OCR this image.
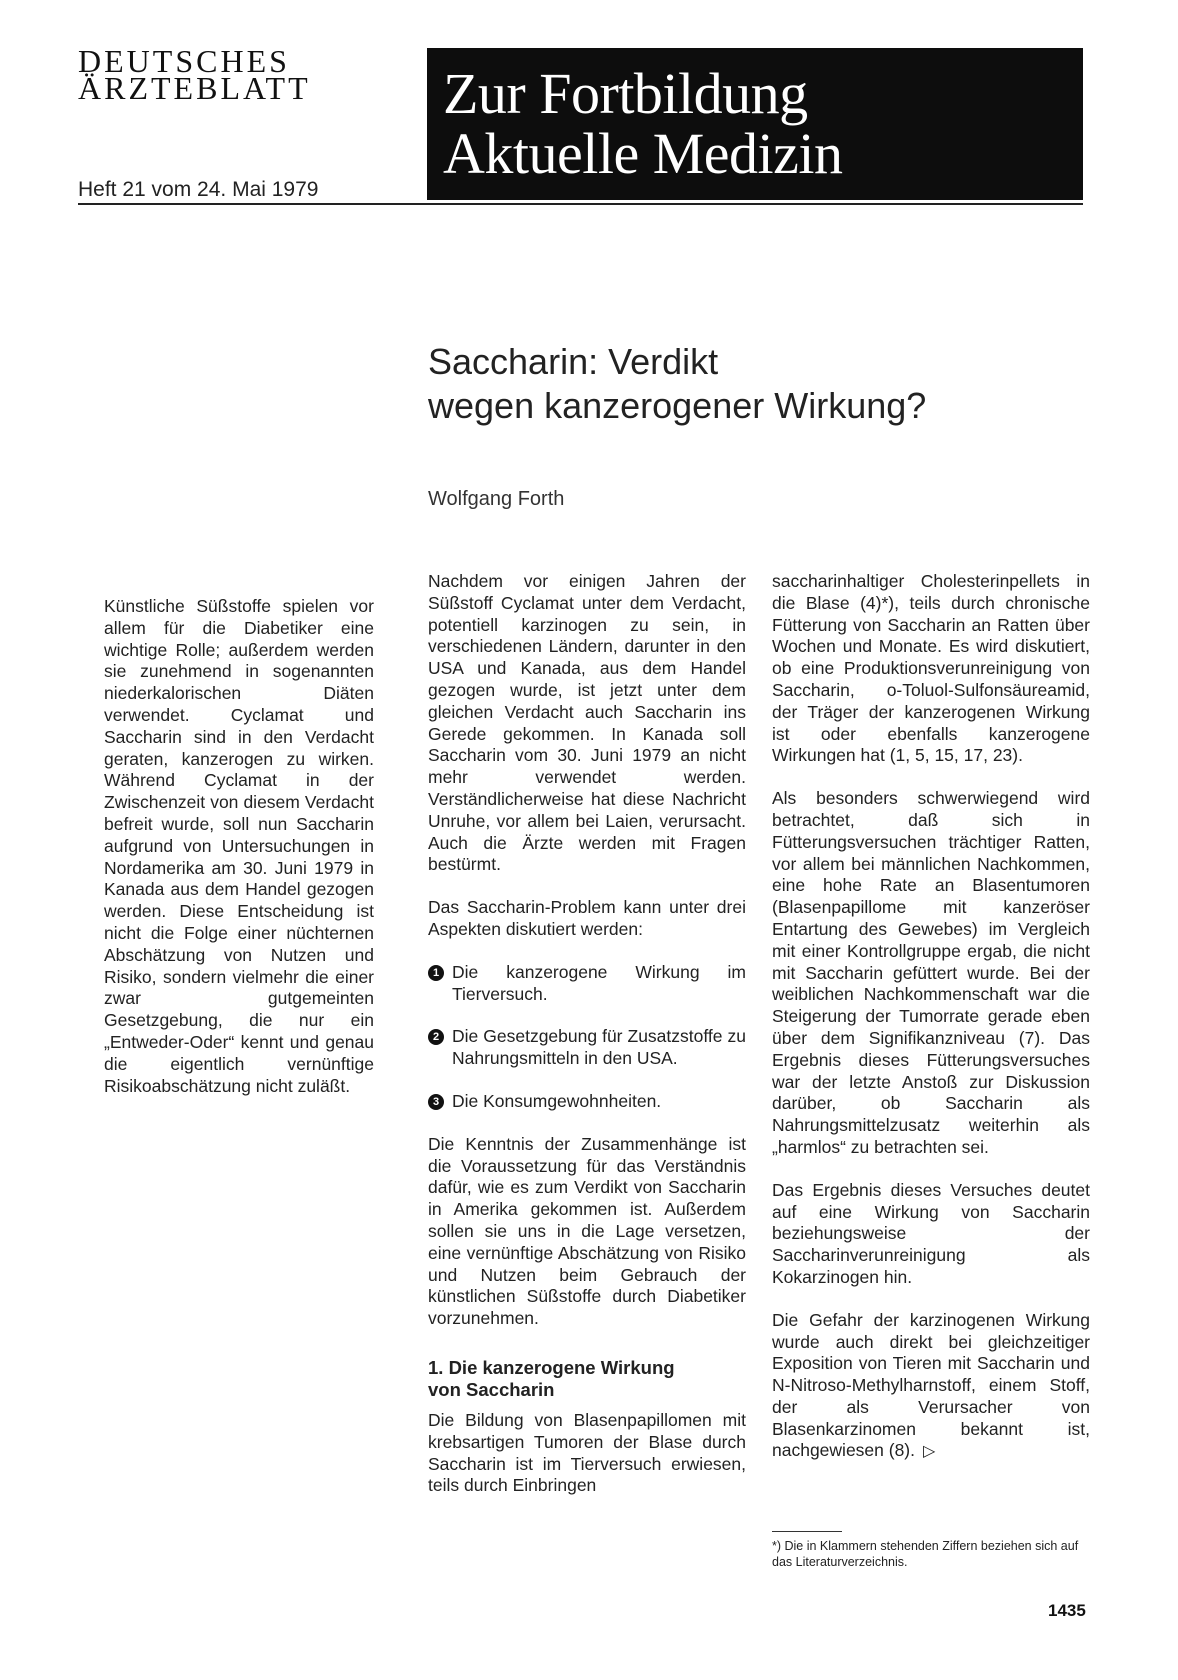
DEUTSCHES
ÄRZTEBLATT
Heft 21 vom 24. Mai 1979
Zur Fortbildung
Aktuelle Medizin
Saccharin: Verdikt
wegen kanzerogener Wirkung?
Wolfgang Forth
Künstliche Süßstoffe spielen vor allem für die Diabetiker eine wichtige Rolle; außerdem werden sie zunehmend in sogenannten niederkalorischen Diäten verwendet. Cyclamat und Saccharin sind in den Verdacht geraten, kanzerogen zu wirken. Während Cyclamat in der Zwischenzeit von diesem Verdacht befreit wurde, soll nun Saccharin aufgrund von Untersuchungen in Nordamerika am 30. Juni 1979 in Kanada aus dem Handel gezogen werden. Diese Entscheidung ist nicht die Folge einer nüchternen Abschätzung von Nutzen und Risiko, sondern vielmehr die einer zwar gutgemeinten Gesetzgebung, die nur ein „Entweder-Oder“ kennt und genau die eigentlich vernünftige Risikoabschätzung nicht zuläßt.

Nachdem vor einigen Jahren der Süßstoff Cyclamat unter dem Verdacht, potentiell karzinogen zu sein, in verschiedenen Ländern, darunter in den USA und Kanada, aus dem Handel gezogen wurde, ist jetzt unter dem gleichen Verdacht auch Saccharin ins Gerede gekommen. In Kanada soll Saccharin vom 30. Juni 1979 an nicht mehr verwendet werden. Verständlicherweise hat diese Nachricht Unruhe, vor allem bei Laien, verursacht. Auch die Ärzte werden mit Fragen bestürmt.

Das Saccharin-Problem kann unter drei Aspekten diskutiert werden:

1 Die kanzerogene Wirkung im Tierversuch.
2 Die Gesetzgebung für Zusatzstoffe zu Nahrungsmitteln in den USA.
3 Die Konsumgewohnheiten.

Die Kenntnis der Zusammenhänge ist die Voraussetzung für das Verständnis dafür, wie es zum Verdikt von Saccharin in Amerika gekommen ist. Außerdem sollen sie uns in die Lage versetzen, eine vernünftige Abschätzung von Risiko und Nutzen beim Gebrauch der künstlichen Süßstoffe durch Diabetiker vorzunehmen.

1. Die kanzerogene Wirkung
von Saccharin

Die Bildung von Blasenpapillomen mit krebsartigen Tumoren der Blase durch Saccharin ist im Tierversuch erwiesen, teils durch Einbringen

saccharinhaltiger Cholesterinpellets in die Blase (4)*), teils durch chronische Fütterung von Saccharin an Ratten über Wochen und Monate. Es wird diskutiert, ob eine Produktionsverunreinigung von Saccharin, o-Toluol-Sulfonsäureamid, der Träger der kanzerogenen Wirkung ist oder ebenfalls kanzerogene Wirkungen hat (1, 5, 15, 17, 23).

Als besonders schwerwiegend wird betrachtet, daß sich in Fütterungsversuchen trächtiger Ratten, vor allem bei männlichen Nachkommen, eine hohe Rate an Blasentumoren (Blasenpapillome mit kanzeröser Entartung des Gewebes) im Vergleich mit einer Kontrollgruppe ergab, die nicht mit Saccharin gefüttert wurde. Bei der weiblichen Nachkommenschaft war die Steigerung der Tumorrate gerade eben über dem Signifikanzniveau (7). Das Ergebnis dieses Fütterungsversuches war der letzte Anstoß zur Diskussion darüber, ob Saccharin als Nahrungsmittelzusatz weiterhin als „harmlos“ zu betrachten sei.

Das Ergebnis dieses Versuches deutet auf eine Wirkung von Saccharin beziehungsweise der Saccharinverunreinigung als Kokarzinogen hin.

Die Gefahr der karzinogenen Wirkung wurde auch direkt bei gleichzeitiger Exposition von Tieren mit Saccharin und N-Nitroso-Methylharnstoff, einem Stoff, der als Verursacher von Blasenkarzinomen bekannt ist, nachgewiesen (8). ▷

*) Die in Klammern stehenden Ziffern beziehen sich auf das Literaturverzeichnis.
1435
